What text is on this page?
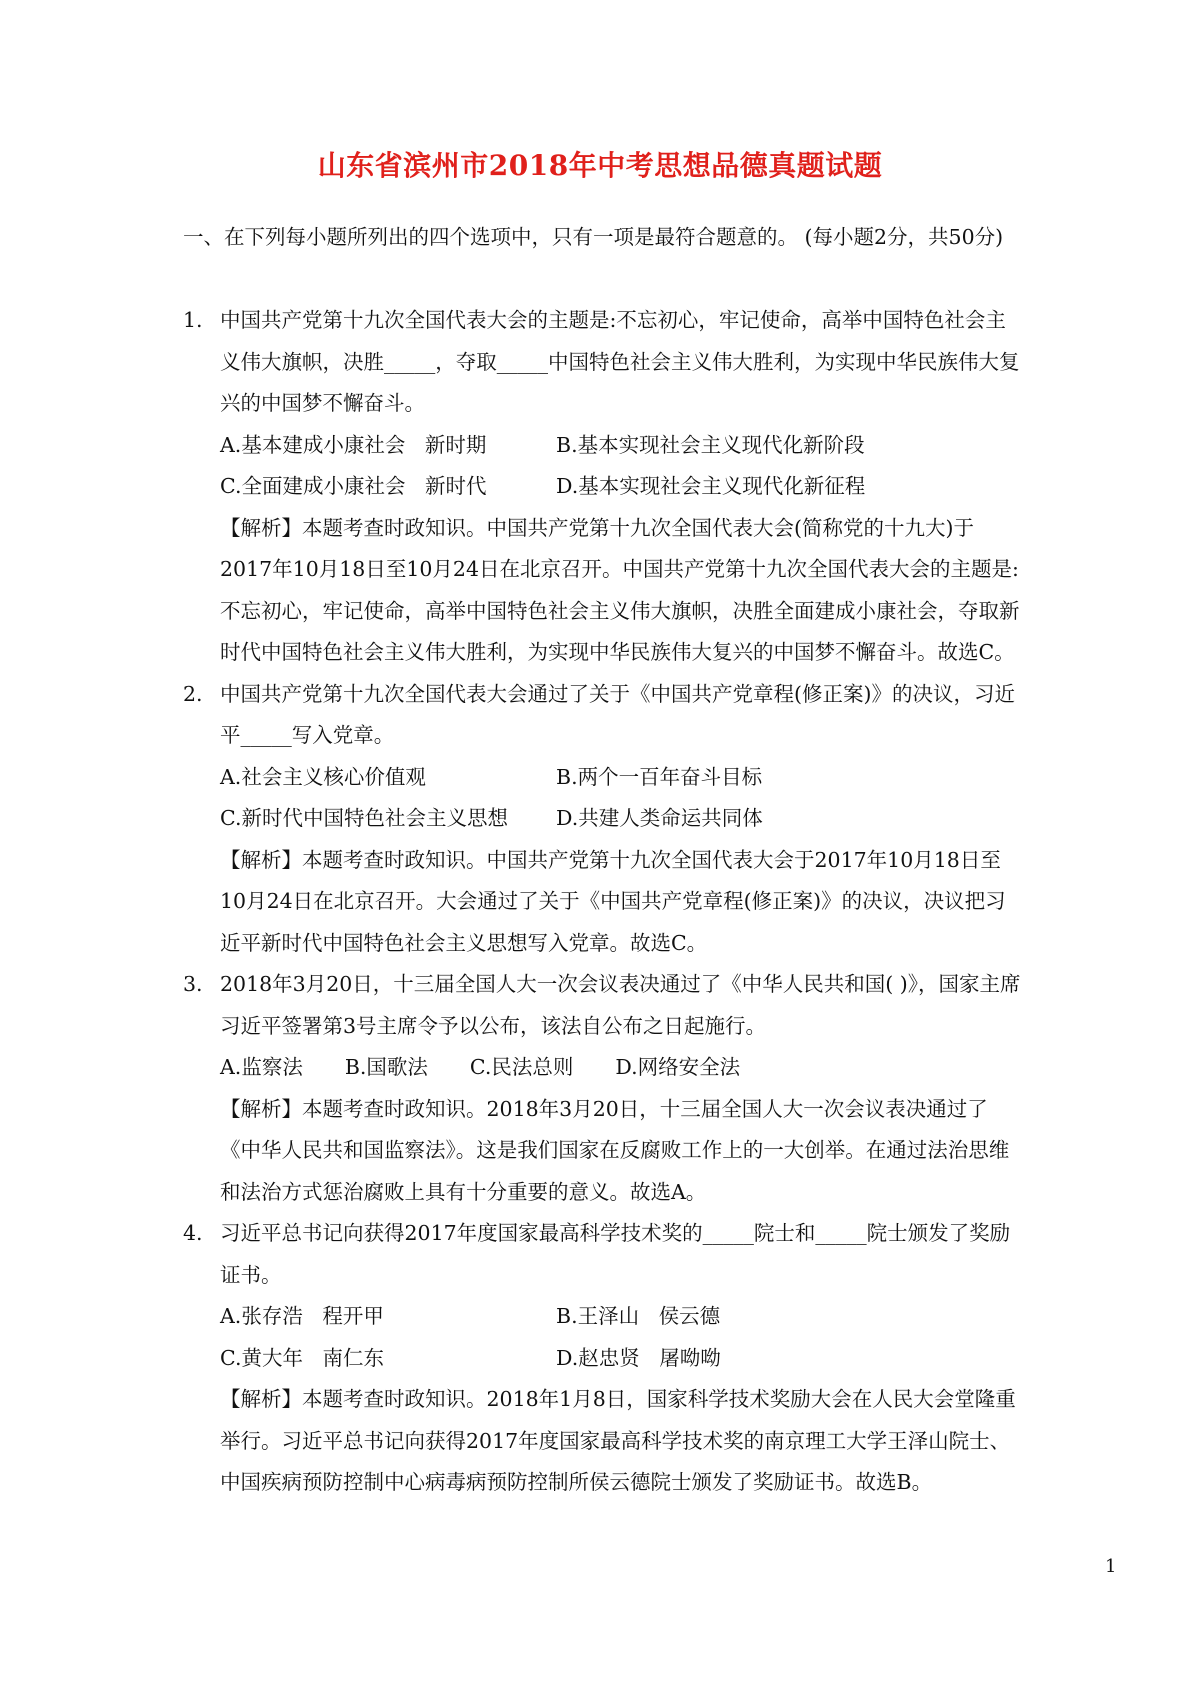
山东省滨州市2018年中考思想品德真题试题
一、在下列每小题所列出的四个选项中，只有一项是最符合题意的。 (每小题2分，共50分)
1. 中国共产党第十九次全国代表大会的主题是:不忘初心，牢记使命，高举中国特色社会主义伟大旗帜，决胜_____，夺取_____中国特色社会主义伟大胜利，为实现中华民族伟大复兴的中国梦不懈奋斗。

A.基本建成小康社会   新时期	B.基本实现社会主义现代化新阶段
C.全面建成小康社会   新时代	D.基本实现社会主义现代化新征程

【解析】本题考查时政知识。中国共产党第十九次全国代表大会(简称党的十九大)于2017年10月18日至10月24日在北京召开。中国共产党第十九次全国代表大会的主题是:不忘初心，牢记使命，高举中国特色社会主义伟大旗帜，决胜全面建成小康社会，夺取新时代中国特色社会主义伟大胜利，为实现中华民族伟大复兴的中国梦不懈奋斗。故选C。

2. 中国共产党第十九次全国代表大会通过了关于《中国共产党章程(修正案)》的决议，习近平_____写入党章。

A.社会主义核心价值观	B.两个一百年奋斗目标
C.新时代中国特色社会主义思想	D.共建人类命运共同体

【解析】本题考查时政知识。中国共产党第十九次全国代表大会于2017年10月18日至10月24日在北京召开。大会通过了关于《中国共产党章程(修正案)》的决议，决议把习近平新时代中国特色社会主义思想写入党章。故选C。

3. 2018年3月20日，十三届全国人大一次会议表决通过了《中华人民共和国( )》，国家主席习近平签署第3号主席令予以公布，该法自公布之日起施行。

A.监察法 B.国歌法 C.民法总则 D.网络安全法

【解析】本题考查时政知识。2018年3月20日，十三届全国人大一次会议表决通过了《中华人民共和国监察法》。这是我们国家在反腐败工作上的一大创举。在通过法治思维和法治方式惩治腐败上具有十分重要的意义。故选A。

4. 习近平总书记向获得2017年度国家最高科学技术奖的_____院士和_____院士颁发了奖励证书。

A.张存浩   程开甲	B.王泽山   侯云德
C.黄大年   南仁东	D.赵忠贤   屠呦呦

【解析】本题考查时政知识。2018年1月8日，国家科学技术奖励大会在人民大会堂隆重举行。习近平总书记向获得2017年度国家最高科学技术奖的南京理工大学王泽山院士、中国疾病预防控制中心病毒病预防控制所侯云德院士颁发了奖励证书。故选B。

1
